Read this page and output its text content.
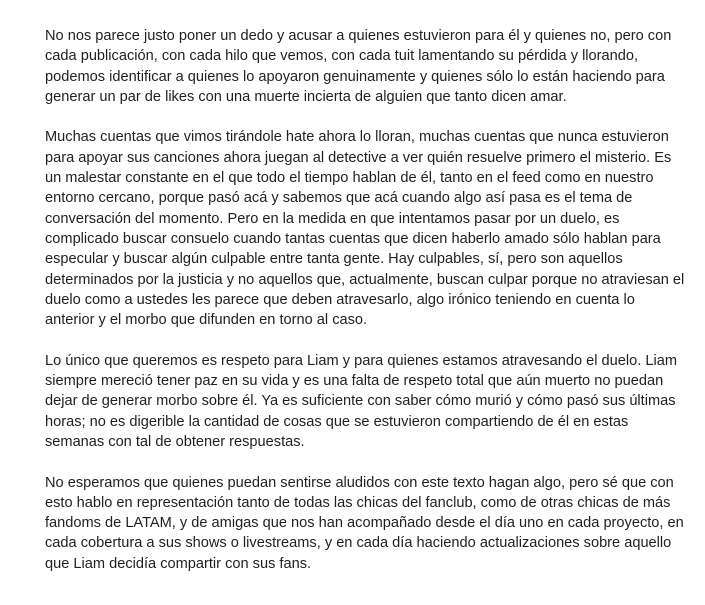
No nos parece justo poner un dedo y acusar a quienes estuvieron para él y quienes no, pero con cada publicación, con cada hilo que vemos, con cada tuit lamentando su pérdida y llorando, podemos identificar a quienes lo apoyaron genuinamente y quienes sólo lo están haciendo para generar un par de likes con una muerte incierta de alguien que tanto dicen amar.

Muchas cuentas que vimos tirándole hate ahora lo lloran, muchas cuentas que nunca estuvieron para apoyar sus canciones ahora juegan al detective a ver quién resuelve primero el misterio. Es un malestar constante en el que todo el tiempo hablan de él, tanto en el feed como en nuestro entorno cercano, porque pasó acá y sabemos que acá cuando algo así pasa es el tema de conversación del momento. Pero en la medida en que intentamos pasar por un duelo, es complicado buscar consuelo cuando tantas cuentas que dicen haberlo amado sólo hablan para especular y buscar algún culpable entre tanta gente. Hay culpables, sí, pero son aquellos determinados por la justicia y no aquellos que, actualmente, buscan culpar porque no atraviesan el duelo como a ustedes les parece que deben atravesarlo, algo irónico teniendo en cuenta lo anterior y el morbo que difunden en torno al caso.

Lo único que queremos es respeto para Liam y para quienes estamos atravesando el duelo. Liam siempre mereció tener paz en su vida y es una falta de respeto total que aún muerto no puedan dejar de generar morbo sobre él. Ya es suficiente con saber cómo murió y cómo pasó sus últimas horas; no es digerible la cantidad de cosas que se estuvieron compartiendo de él en estas semanas con tal de obtener respuestas.

No esperamos que quienes puedan sentirse aludidos con este texto hagan algo, pero sé que con esto hablo en representación tanto de todas las chicas del fanclub, como de otras chicas de más fandoms de LATAM, y de amigas que nos han acompañado desde el día uno en cada proyecto, en cada cobertura a sus shows o livestreams, y en cada día haciendo actualizaciones sobre aquello que Liam decidía compartir con sus fans.
